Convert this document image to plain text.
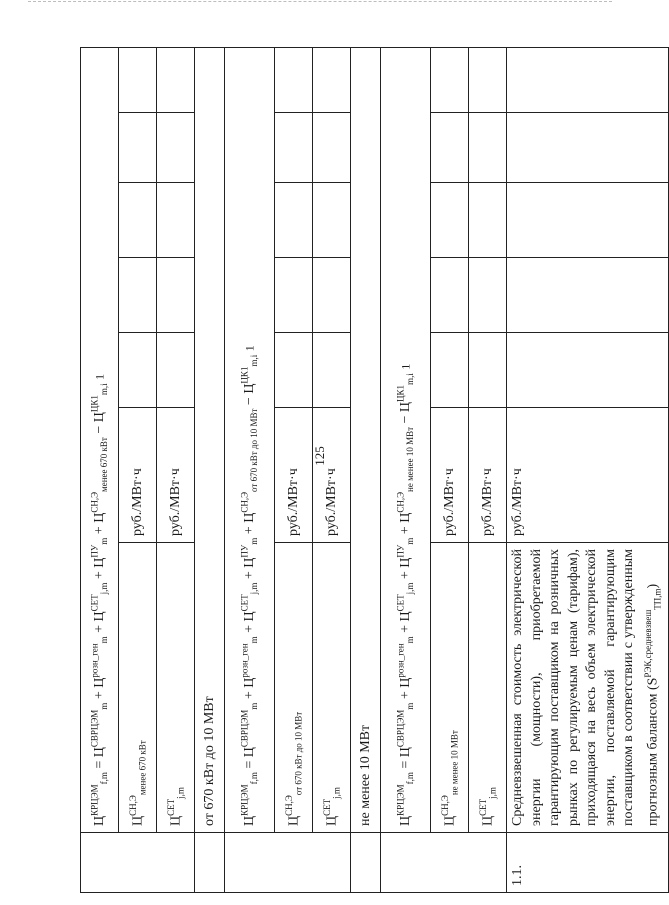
125
	$Ц^{КРЦЭМ}_{f,m} = Ц^{СВРЦЭМ}_m + Ц^{розн\_ген}_m + Ц^{СЕТ}_{j,m} + Ц^{ПУ}_m + Ц^{СН,Э}_{менее 670 кВт} - Ц^{ЦК1}_{m,i}$ 1						
	$Ц^{СН,Э}_{менее 670 кВт}$	руб./МВт·ч					
	$Ц^{СЕТ}_{j,m}$	руб./МВт·ч					
	от 670 кВт до 10 МВт						
	$Ц^{КРЦЭМ}_{f,m} = Ц^{СВРЦЭМ}_m + Ц^{розн\_ген}_m + Ц^{СЕТ}_{j,m} + Ц^{ПУ}_m + Ц^{СН,Э}_{от 670 кВт до 10 МВт} - Ц^{ЦК1}_{m,i}$ 1						
	$Ц^{СН,Э}_{от 670 кВт до 10 МВт}$	руб./МВт·ч					
	$Ц^{СЕТ}_{j,m}$	руб./МВт·ч					
	не менее 10 МВт						
	$Ц^{КРЦЭМ}_{f,m} = Ц^{СВРЦЭМ}_m + Ц^{розн\_ген}_m + Ц^{СЕТ}_{j,m} + Ц^{ПУ}_m + Ц^{СН,Э}_{не менее 10 МВт} - Ц^{ЦК1}_{m,i}$ 1						
	$Ц^{СН,Э}_{не менее 10 МВт}$	руб./МВт·ч					
	$Ц^{СЕТ}_{j,m}$	руб./МВт·ч					
1.1.	Средневзвешенная стоимость электрической энергии (мощности), приобретаемой гарантирующим поставщиком на розничных рынках по регулируемым ценам (тарифам), приходящаяся на весь объем электрической энергии, поставляемой гарантирующим поставщиком в соответствии с утвержденным прогнозным балансом $(S^{РЭК,средневзвеш}_{ТП,m})$	руб./МВт·ч					
